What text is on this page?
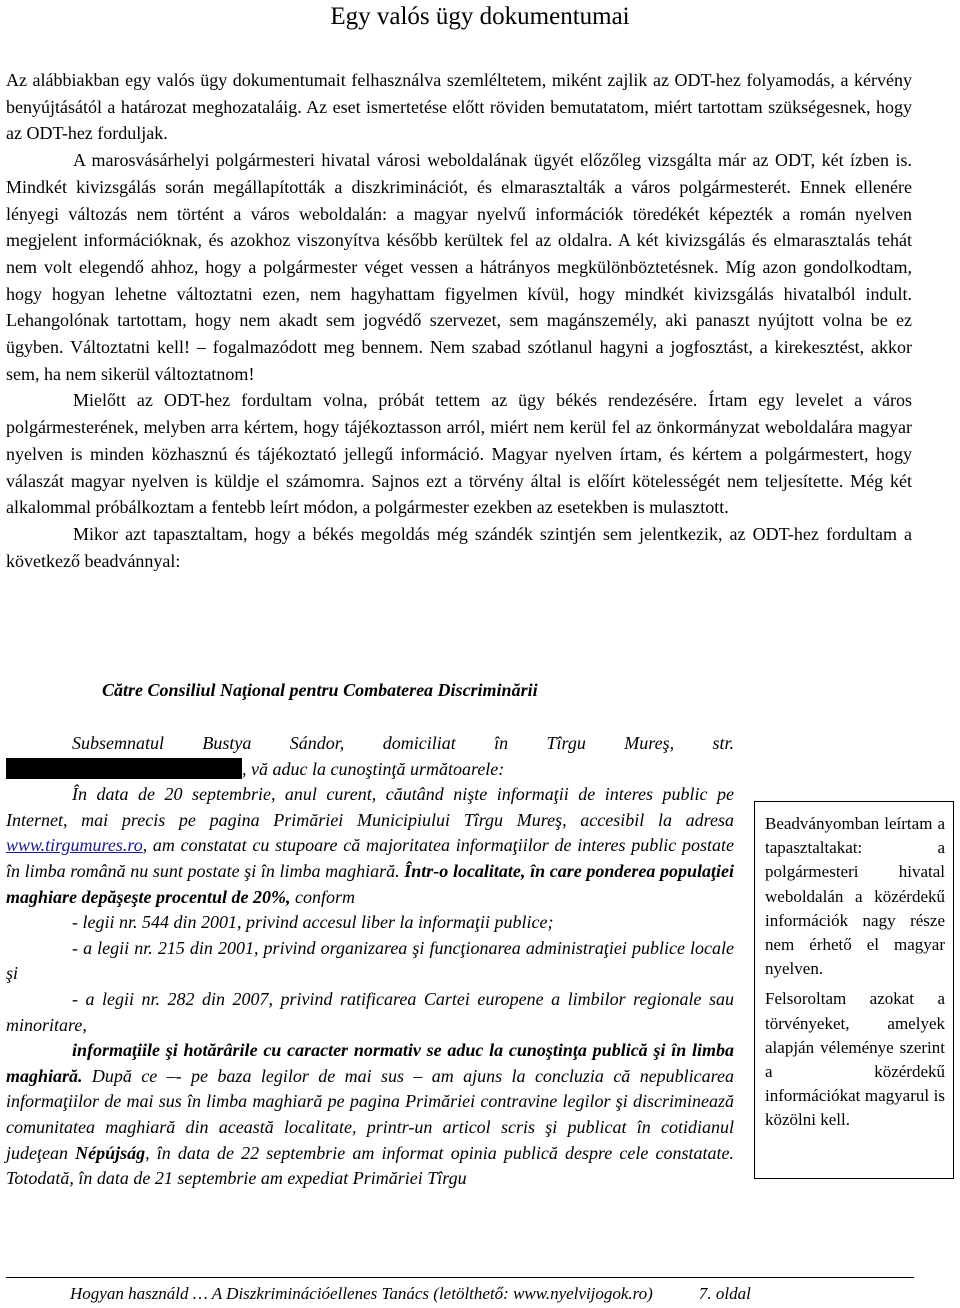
Egy valós ügy dokumentumai

Az alábbiakban egy valós ügy dokumentumait felhasználva szemléltetem, miként zajlik az ODT-hez folyamodás, a kérvény benyújtásától a határozat meghozataláig. Az eset ismertetése előtt röviden bemutatatom, miért tartottam szükségesnek, hogy az ODT-hez forduljak.

A marosvásárhelyi polgármesteri hivatal városi weboldalának ügyét előzőleg vizsgálta már az ODT, két ízben is. Mindkét kivizsgálás során megállapították a diszkriminációt, és elmarasztalták a város polgármesterét. Ennek ellenére lényegi változás nem történt a város weboldalán: a magyar nyelvű információk töredékét képezték a román nyelven megjelent információknak, és azokhoz viszonyítva később kerültek fel az oldalra. A két kivizsgálás és elmarasztalás tehát nem volt elegendő ahhoz, hogy a polgármester véget vessen a hátrányos megkülönböztetésnek. Míg azon gondolkodtam, hogy hogyan lehetne változtatni ezen, nem hagyhattam figyelmen kívül, hogy mindkét kivizsgálás hivatalból indult. Lehangolónak tartottam, hogy nem akadt sem jogvédő szervezet, sem magánszemély, aki panaszt nyújtott volna be ez ügyben. Változtatni kell! – fogalmazódott meg bennem. Nem szabad szótlanul hagyni a jogfosztást, a kirekesztést, akkor sem, ha nem sikerül változtatnom!

Mielőtt az ODT-hez fordultam volna, próbát tettem az ügy békés rendezésére. Írtam egy levelet a város polgármesterének, melyben arra kértem, hogy tájékoztasson arról, miért nem kerül fel az önkormányzat weboldalára magyar nyelven is minden közhasznú és tájékoztató jellegű információ. Magyar nyelven írtam, és kértem a polgármestert, hogy válaszát magyar nyelven is küldje el számomra. Sajnos ezt a törvény által is előírt kötelességét nem teljesítette. Még két alkalommal próbálkoztam a fentebb leírt módon, a polgármester ezekben az esetekben is mulasztott.

Mikor azt tapasztaltam, hogy a békés megoldás még szándék szintjén sem jelentkezik, az ODT-hez fordultam a következő beadvánnyal:

Către Consiliul Naţional pentru Combaterea Discriminării

Subsemnatul Bustya Sándor, domiciliat în Tîrgu Mureş, str. , vă aduc la cunoştinţă următoarele:

În data de 20 septembrie, anul curent, căutând nişte informaţii de interes public pe Internet, mai precis pe pagina Primăriei Municipiului Tîrgu Mureş, accesibil la adresa www.tirgumures.ro, am constatat cu stupoare că majoritatea informaţiilor de interes public postate în limba română nu sunt postate şi în limba maghiară. Într-o localitate, în care ponderea populaţiei maghiare depăşeşte procentul de 20%, conform

- legii nr. 544 din 2001, privind accesul liber la informaţii publice;

- a legii nr. 215 din 2001, privind organizarea şi funcţionarea administraţiei publice locale şi

- a legii nr. 282 din 2007, privind ratificarea Cartei europene a limbilor regionale sau minoritare,

informaţiile şi hotărârile cu caracter normativ se aduc la cunoştinţa publică şi în limba maghiară. După ce –- pe baza legilor de mai sus – am ajuns la concluzia că nepublicarea informaţiilor de mai sus în limba maghiară pe pagina Primăriei contravine legilor şi discriminează comunitatea maghiară din această localitate, printr-un articol scris şi publicat în cotidianul judeţean Népújság, în data de 22 septembrie am informat opinia publică despre cele constatate. Totodată, în data de 21 septembrie am expediat Primăriei Tîrgu

Beadványomban leírtam a tapasztaltakat: a polgármesteri hivatal weboldalán a közérdekű információk nagy része nem érhető el magyar nyelven.

Felsoroltam azokat a törvényeket, amelyek alapján véleménye szerint a közérdekű információkat magyarul is közölni kell.

Hogyan használd … A Diszkriminációellenes Tanács (letölthető: www.nyelvijogok.ro)	7. oldal
